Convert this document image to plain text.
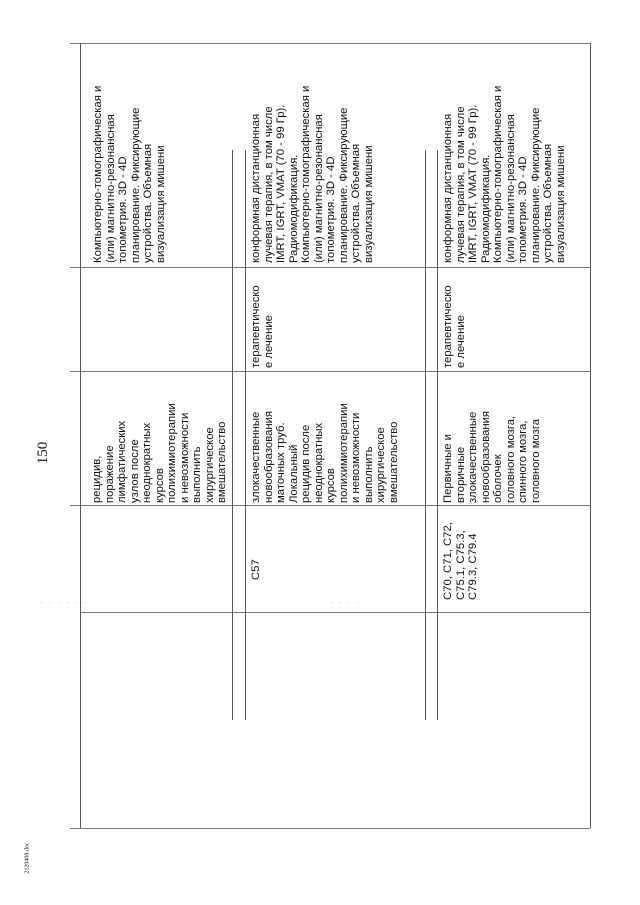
150
2120408.doc
· · · · · ·	· · · ·
рецидив,
поражение
лимфатических
узлов после
неоднократных
курсов
полихимиотерапии
и невозможности
выполнить
хирургическое
вмешательство
Компьютерно-томографическая и
(или) магнитно-резонансная
топометрия. 3D - 4D
планирование. Фиксирующие
устройства. Объемная
визуализация мишени
C57
злокачественные
новообразования
маточных труб.
Локальный
рецидив после
неоднократных
курсов
полихимиотерапии
и невозможности
выполнить
хирургическое
вмешательство
терапевтическо
е лечение
конформная дистанционная
лучевая терапия, в том числе
IMRT, IGRT, VMAT (70 - 99 Гр).
Радиомодификация.
Компьютерно-томографическая и
(или) магнитно-резонансная
топометрия. 3D - 4D
планирование. Фиксирующие
устройства. Объемная
визуализация мишени
C70, C71, C72,
C75.1, C75.3,
C79.3, C79.4
Первичные и
вторичные
злокачественные
новообразования
оболочек
головного мозга,
спинного мозга,
головного мозга
терапевтическо
е лечение
конформная дистанционная
лучевая терапия, в том числе
IMRT, IGRT, VMAT (70 - 99 Гр).
Радиомодификация.
Компьютерно-томографическая и
(или) магнитно-резонансная
топометрия. 3D - 4D
планирование. Фиксирующие
устройства. Объемная
визуализация мишени
